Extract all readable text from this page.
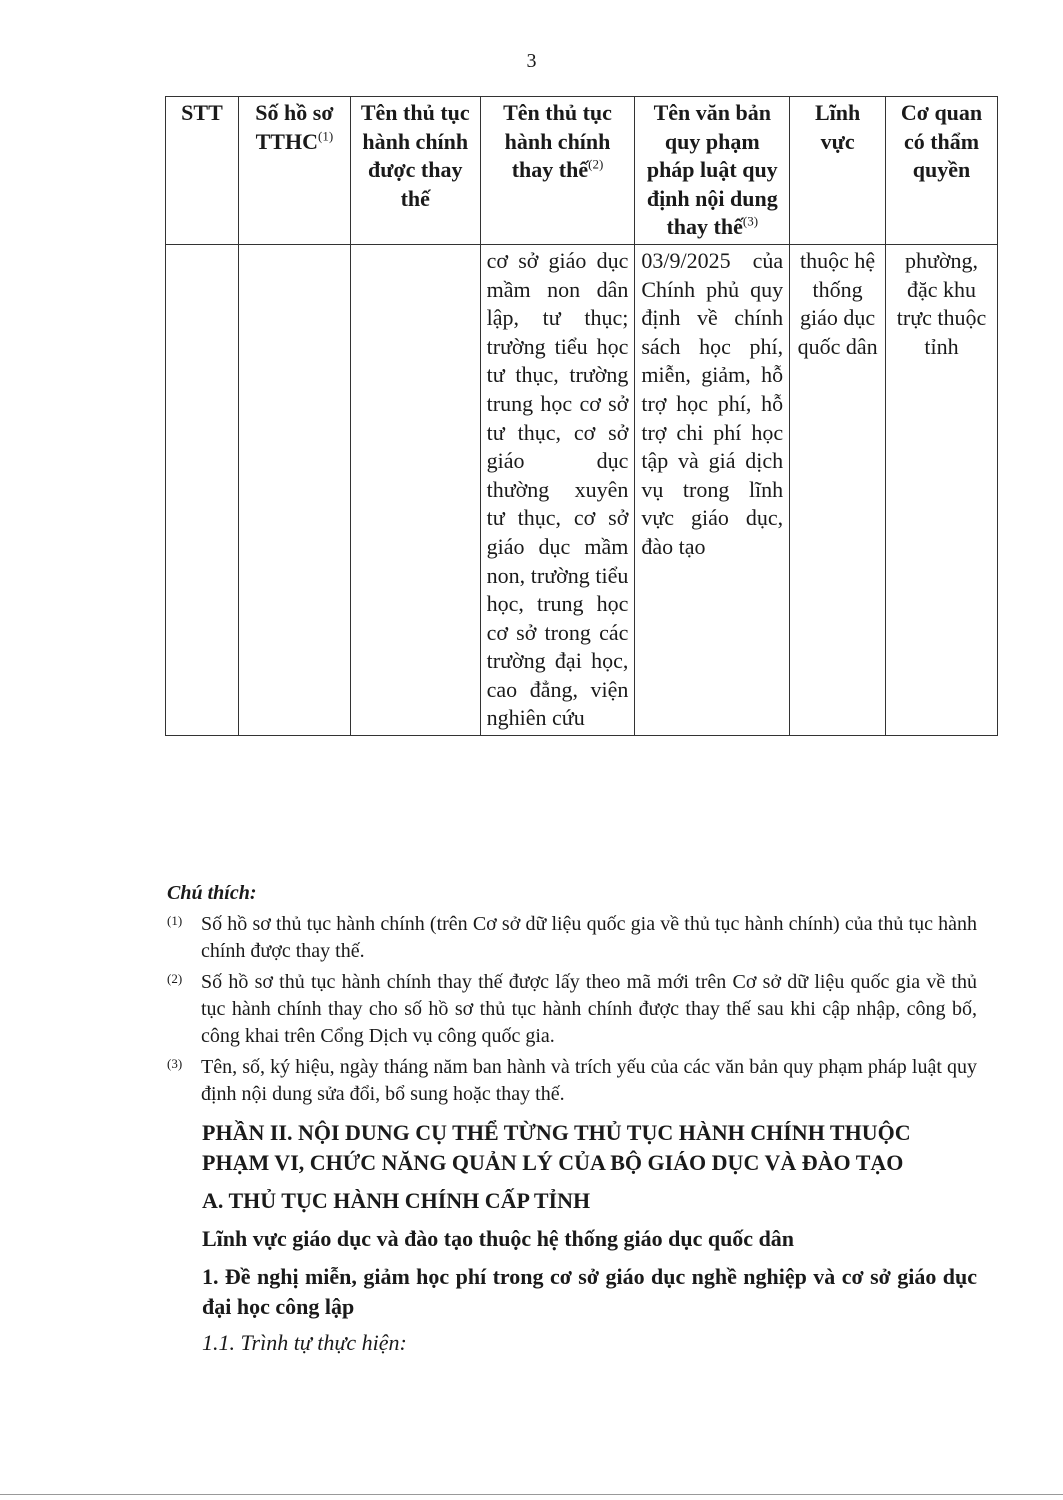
3
STT	Số hồ sơ TTHC$^{(1)}$	Tên thủ tục hành chính được thay thế	Tên thủ tục hành chính thay thế$^{(2)}$	Tên văn bản quy phạm pháp luật quy định nội dung thay thế$^{(3)}$	Lĩnh vực	Cơ quan có thẩm quyền
			cơ sở giáo dục mầm non dân lập, tư thục; trường tiểu học tư thục, trường trung học cơ sở tư thục, cơ sở giáo dục thường xuyên tư thục, cơ sở giáo dục mầm non, trường tiểu học, trung học cơ sở trong các trường đại học, cao đẳng, viện nghiên cứu	03/9/2025 của Chính phủ quy định về chính sách học phí, miễn, giảm, hỗ trợ học phí, hỗ trợ chi phí học tập và giá dịch vụ trong lĩnh vực giáo dục, đào tạo	thuộc hệ thống giáo dục quốc dân	phường, đặc khu trực thuộc tỉnh
Chú thích:
(1) Số hồ sơ thủ tục hành chính (trên Cơ sở dữ liệu quốc gia về thủ tục hành chính) của thủ tục hành chính được thay thế.
(2) Số hồ sơ thủ tục hành chính thay thế được lấy theo mã mới trên Cơ sở dữ liệu quốc gia về thủ tục hành chính thay cho số hồ sơ thủ tục hành chính được thay thế sau khi cập nhập, công bố, công khai trên Cổng Dịch vụ công quốc gia.
(3) Tên, số, ký hiệu, ngày tháng năm ban hành và trích yếu của các văn bản quy phạm pháp luật quy định nội dung sửa đổi, bổ sung hoặc thay thế.
PHẦN II. NỘI DUNG CỤ THỂ TỪNG THỦ TỤC HÀNH CHÍNH THUỘC PHẠM VI, CHỨC NĂNG QUẢN LÝ CỦA BỘ GIÁO DỤC VÀ ĐÀO TẠO
A. THỦ TỤC HÀNH CHÍNH CẤP TỈNH
Lĩnh vực giáo dục và đào tạo thuộc hệ thống giáo dục quốc dân
1. Đề nghị miễn, giảm học phí trong cơ sở giáo dục nghề nghiệp và cơ sở giáo dục đại học công lập
1.1. Trình tự thực hiện:
